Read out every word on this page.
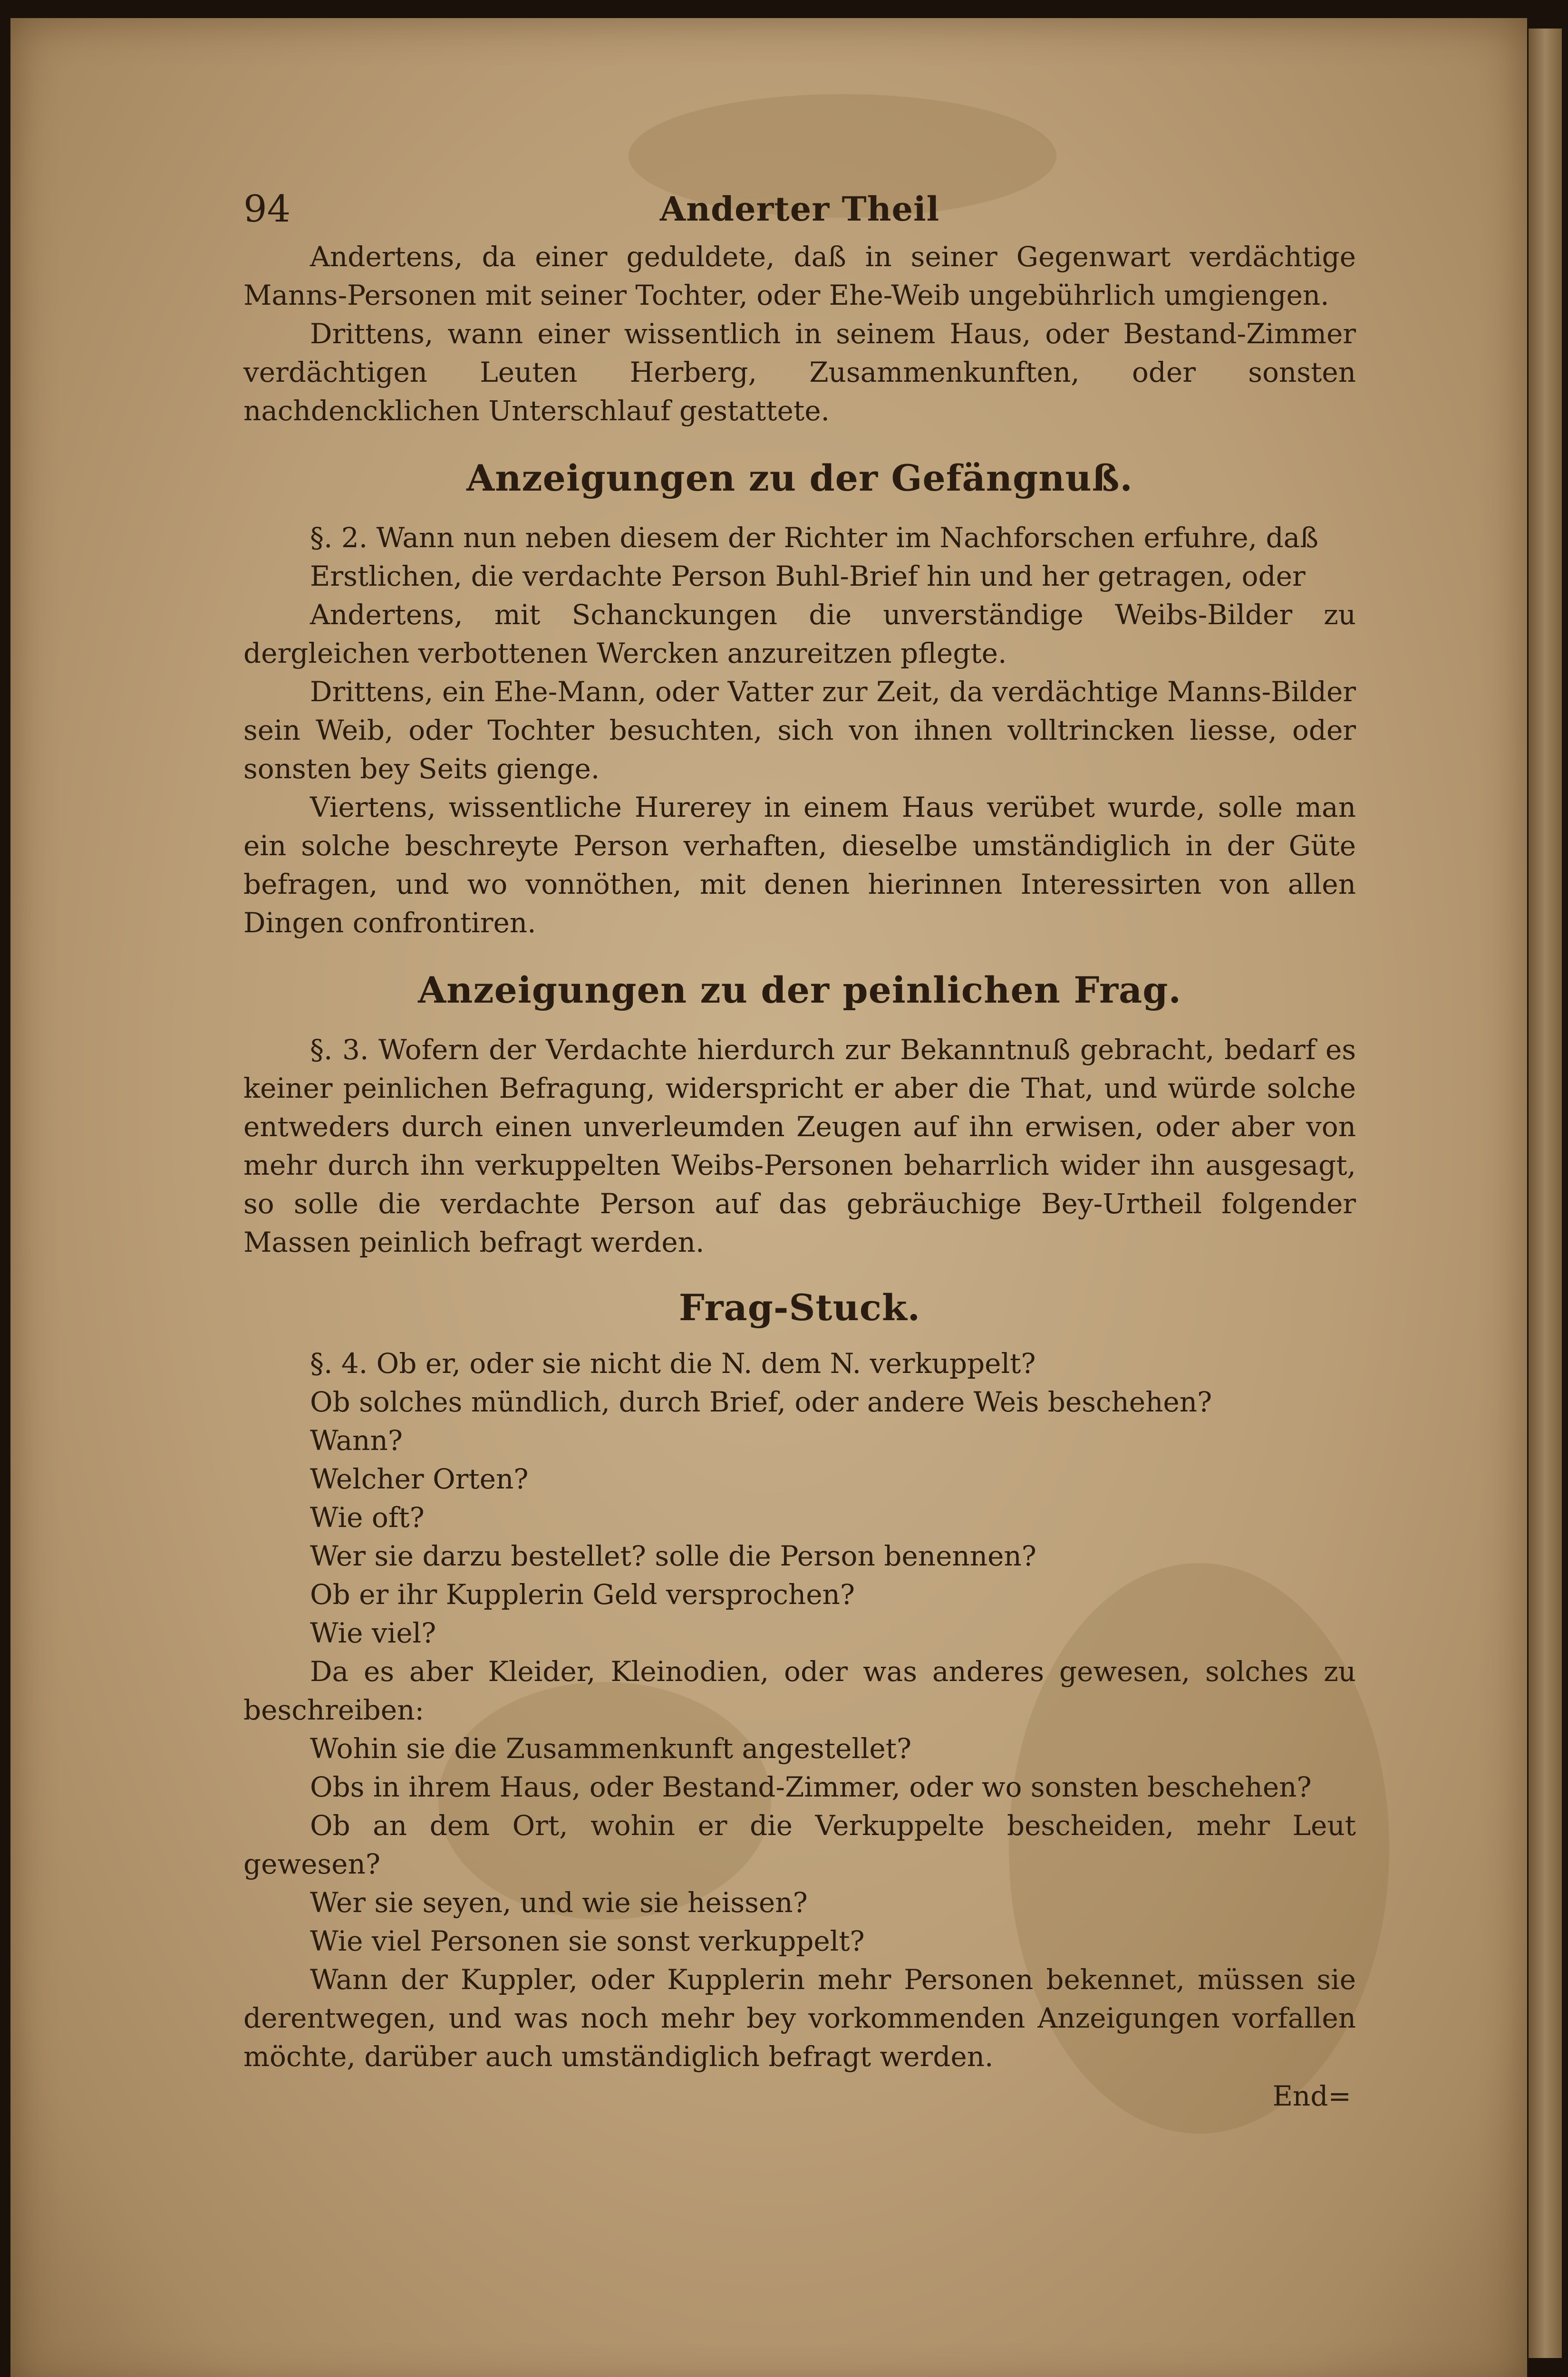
94	Anderter Theil

Andertens, da einer geduldete, daß in seiner Gegenwart verdächtige Manns-Personen mit seiner Tochter, oder Ehe-Weib ungebührlich umgiengen.

Drittens, wann einer wissentlich in seinem Haus, oder Bestand-Zimmer verdächtigen Leuten Herberg, Zusammenkunften, oder sonsten nachdencklichen Unterschlauf gestattete.

Anzeigungen zu der Gefängnuß.

§. 2. Wann nun neben diesem der Richter im Nachforschen erfuhre, daß

Erstlichen, die verdachte Person Buhl-Brief hin und her getragen, oder

Andertens, mit Schanckungen die unverständige Weibs-Bilder zu dergleichen verbottenen Wercken anzureitzen pflegte.

Drittens, ein Ehe-Mann, oder Vatter zur Zeit, da verdächtige Manns-Bilder sein Weib, oder Tochter besuchten, sich von ihnen volltrincken liesse, oder sonsten bey Seits gienge.

Viertens, wissentliche Hurerey in einem Haus verübet wurde, solle man ein solche beschreyte Person verhaften, dieselbe umständiglich in der Güte befragen, und wo vonnöthen, mit denen hierinnen Interessirten von allen Dingen confrontiren.

Anzeigungen zu der peinlichen Frag.

§. 3. Wofern der Verdachte hierdurch zur Bekanntnuß gebracht, bedarf es keiner peinlichen Befragung, widerspricht er aber die That, und würde solche entweders durch einen unverleumden Zeugen auf ihn erwisen, oder aber von mehr durch ihn verkuppelten Weibs-Personen beharrlich wider ihn ausgesagt, so solle die verdachte Person auf das gebräuchige Bey-Urtheil folgender Massen peinlich befragt werden.

Frag-Stuck.

§. 4. Ob er, oder sie nicht die N. dem N. verkuppelt?

Ob solches mündlich, durch Brief, oder andere Weis beschehen?

Wann?

Welcher Orten?

Wie oft?

Wer sie darzu bestellet? solle die Person benennen?

Ob er ihr Kupplerin Geld versprochen?

Wie viel?

Da es aber Kleider, Kleinodien, oder was anderes gewesen, solches zu beschreiben:

Wohin sie die Zusammenkunft angestellet?

Obs in ihrem Haus, oder Bestand-Zimmer, oder wo sonsten beschehen?

Ob an dem Ort, wohin er die Verkuppelte bescheiden, mehr Leut gewesen?

Wer sie seyen, und wie sie heissen?

Wie viel Personen sie sonst verkuppelt?

Wann der Kuppler, oder Kupplerin mehr Personen bekennet, müssen sie derentwegen, und was noch mehr bey vorkommenden Anzeigungen vorfallen möchte, darüber auch umständiglich befragt werden.

End=
